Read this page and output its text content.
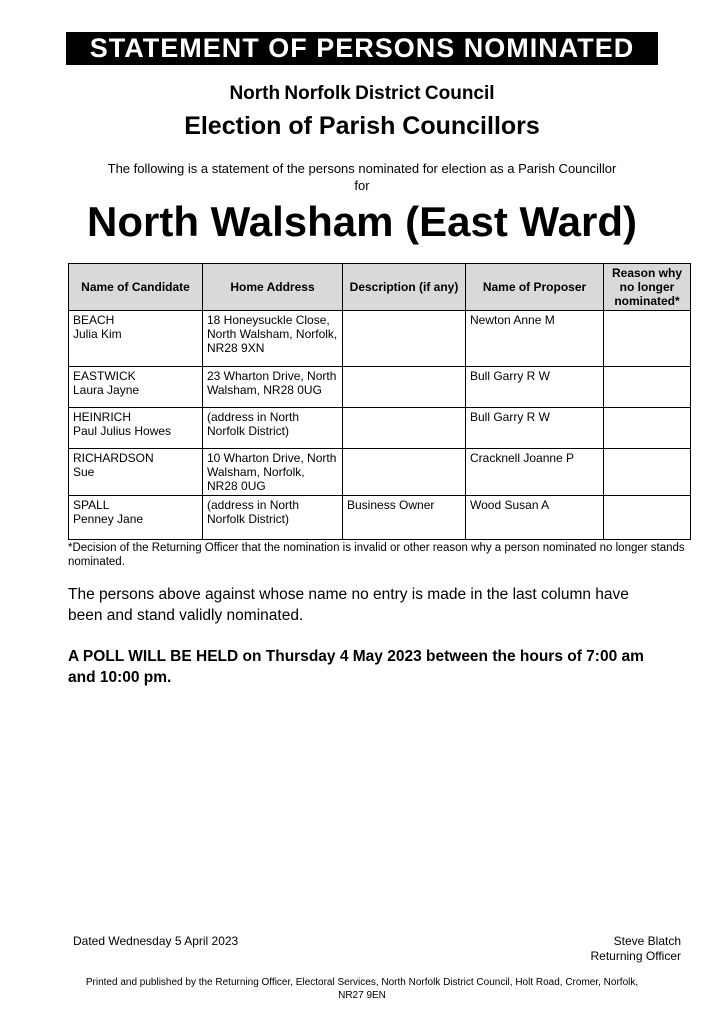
STATEMENT OF PERSONS NOMINATED
North Norfolk District Council
Election of Parish Councillors
The following is a statement of the persons nominated for election as a Parish Councillor
for
North Walsham (East Ward)
Name of Candidate	Home Address	Description (if any)	Name of Proposer	Reason why no longer nominated*

BEACH
Julia Kim	18 Honeysuckle Close, North Walsham, Norfolk, NR28 9XN		Newton Anne M	

EASTWICK
Laura Jayne	23 Wharton Drive, North Walsham, NR28 0UG		Bull Garry R W	

HEINRICH
Paul Julius Howes	(address in North Norfolk District)		Bull Garry R W	

RICHARDSON
Sue	10 Wharton Drive, North Walsham, Norfolk, NR28 0UG		Cracknell Joanne P	

SPALL
Penney Jane	(address in North Norfolk District)	Business Owner	Wood Susan A	
*Decision of the Returning Officer that the nomination is invalid or other reason why a person nominated no longer stands nominated.
The persons above against whose name no entry is made in the last column have been and stand validly nominated.
A POLL WILL BE HELD on Thursday 4 May 2023 between the hours of 7:00 am and 10:00 pm.
Dated Wednesday 5 April 2023	Steve Blatch
Returning Officer
Printed and published by the Returning Officer, Electoral Services, North Norfolk District Council, Holt Road, Cromer, Norfolk, NR27 9EN
